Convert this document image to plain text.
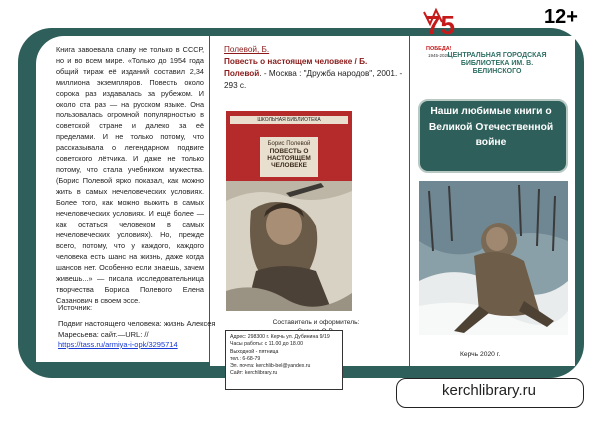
Книга завоевала славу не только в СССР, но и во всем мире. «Только до 1954 года общий тираж её изданий составил 2,34 миллиона экземпляров. Повесть около сорока раз издавалась за рубежом. И около ста раз — на русском языке. Она пользовалась огромной популярностью в советской стране и далеко за её пределами. И не только потому, что рассказывала о легендарном подвиге советского лётчика. И даже не только потому, что стала учебником мужества. (Борис Полевой ярко показал, как можно жить в самых нечеловеческих условиях. Более того, как можно выжить в самых нечеловеческих условиях. И ещё более — как остаться человеком в самых нечеловеческих условиях). Но, прежде всего, потому, что у каждого, каждого человека есть шанс на жизнь, даже когда шансов нет. Особенно если знаешь, зачем живешь...» — писала исследовательница творчества Бориса Полевого Елена Сазанович в своем эссе.
Источник:
Подвиг настоящего человека: жизнь Алексея Маресьева: сайт.—URL: // https://tass.ru/armiya-i-opk/3295714
Полевой, Б.
Повесть о настоящем человеке / Б. Полевой. - Москва : "Дружба народов", 2001. - 293 с.
ШКОЛЬНАЯ БИБЛИОТЕКА
Борис Полевой
ПОВЕСТЬ О НАСТОЯЩЕМ ЧЕЛОВЕКЕ
Составитель и оформитель:
Адрес: 298300 г. Керчь ул. Дубинина 9/19
Часы работы: с 11.00 до 18.00
Выходной - пятница
тел.: 6-68-79
Эл. почта: kerchlib-bel@yandex.ru
Сайт: kerchlibrary.ru
12+
75
ПОБЕДА!
1945-2020
ЦЕНТРАЛЬНАЯ ГОРОДСКАЯ БИБЛИОТЕКА ИМ. В. БЕЛИНСКОГО
Наши любимые книги о Великой Отечественной войне
Керчь 2020 г.
kerchlibrary.ru
